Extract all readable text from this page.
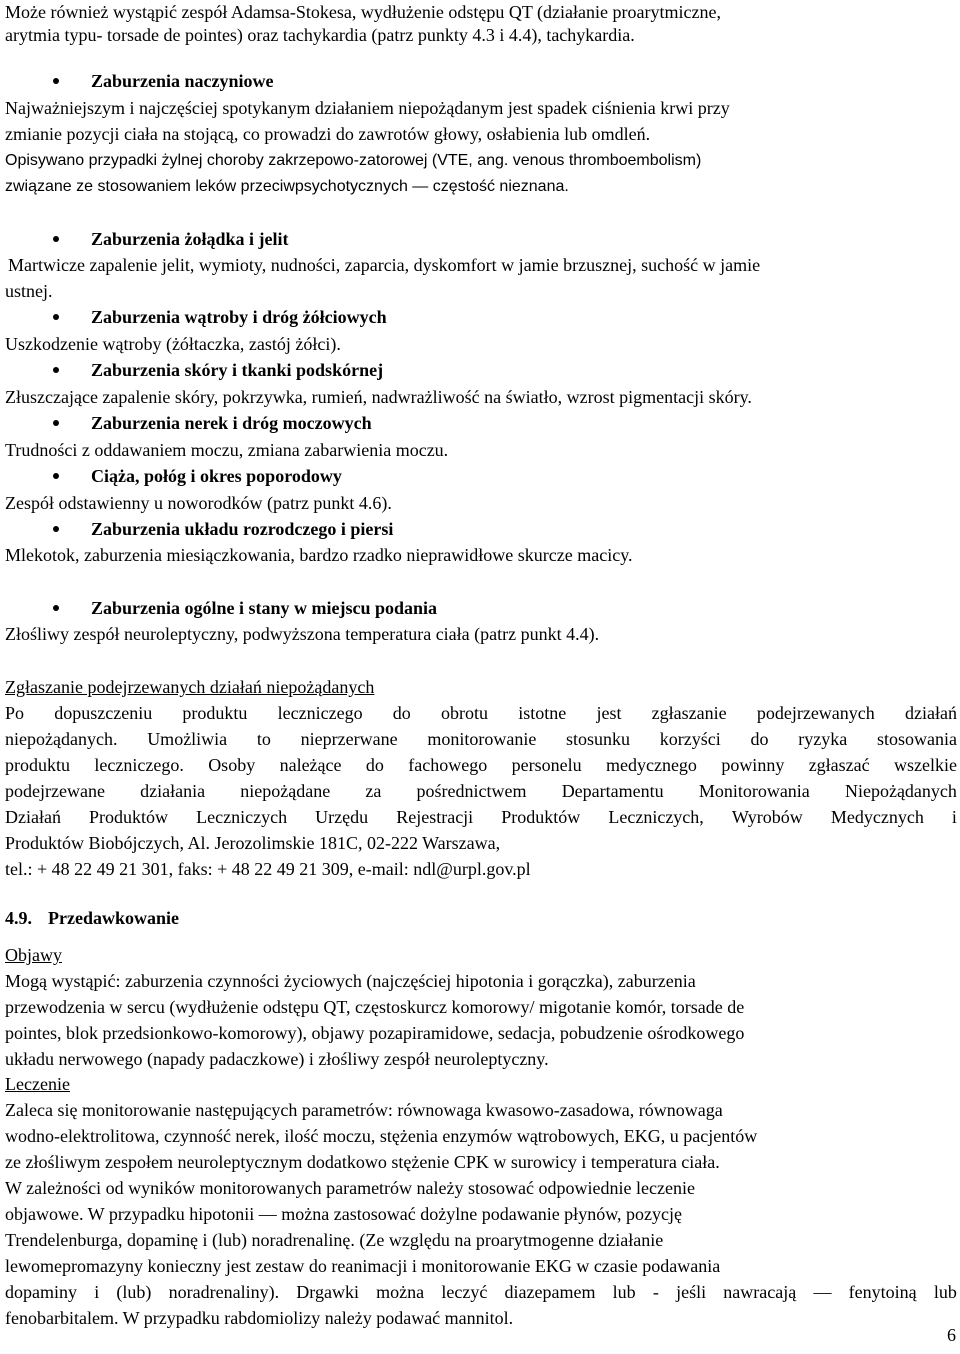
Może również wystąpić zespół Adamsa-Stokesa, wydłużenie odstępu QT (działanie proarytmiczne,
arytmia typu- torsade de pointes) oraz tachykardia (patrz punkty 4.3 i 4.4), tachykardia.
Zaburzenia naczyniowe
Najważniejszym i najczęściej spotykanym działaniem niepożądanym jest spadek ciśnienia krwi przy
zmianie pozycji ciała na stojącą, co prowadzi do zawrotów głowy, osłabienia lub omdleń.
Opisywano przypadki żylnej choroby zakrzepowo-zatorowej (VTE, ang. venous thromboembolism)
związane ze stosowaniem leków przeciwpsychotycznych — częstość nieznana.
Zaburzenia żołądka i jelit
Martwicze zapalenie jelit, wymioty, nudności, zaparcia, dyskomfort w jamie brzusznej, suchość w jamie
ustnej.
Zaburzenia wątroby i dróg żółciowych
Uszkodzenie wątroby (żółtaczka, zastój żółci).
Zaburzenia skóry i tkanki podskórnej
Złuszczające zapalenie skóry, pokrzywka, rumień, nadwrażliwość na światło, wzrost pigmentacji skóry.
Zaburzenia nerek i dróg moczowych
Trudności z oddawaniem moczu, zmiana zabarwienia moczu.
Ciąża, połóg i okres poporodowy
Zespół odstawienny u noworodków (patrz punkt 4.6).
Zaburzenia układu rozrodczego i piersi
Mlekotok, zaburzenia miesiączkowania, bardzo rzadko nieprawidłowe skurcze macicy.
Zaburzenia ogólne i stany w miejscu podania
Złośliwy zespół neuroleptyczny, podwyższona temperatura ciała (patrz punkt 4.4).
Zgłaszanie podejrzewanych działań niepożądanych
Po dopuszczeniu produktu leczniczego do obrotu istotne jest zgłaszanie podejrzewanych działań
niepożądanych. Umożliwia to nieprzerwane monitorowanie stosunku korzyści do ryzyka stosowania
produktu leczniczego. Osoby należące do fachowego personelu medycznego powinny zgłaszać wszelkie
podejrzewane działania niepożądane za pośrednictwem Departamentu Monitorowania Niepożądanych
Działań Produktów Leczniczych Urzędu Rejestracji Produktów Leczniczych, Wyrobów Medycznych i
Produktów Biobójczych, Al. Jerozolimskie 181C, 02-222 Warszawa,
tel.: + 48 22 49 21 301, faks: + 48 22 49 21 309, e-mail: ndl@urpl.gov.pl
4.9. Przedawkowanie
Objawy
Mogą wystąpić: zaburzenia czynności życiowych (najczęściej hipotonia i gorączka), zaburzenia
przewodzenia w sercu (wydłużenie odstępu QT, częstoskurcz komorowy/ migotanie komór, torsade de
pointes, blok przedsionkowo-komorowy), objawy pozapiramidowe, sedacja, pobudzenie ośrodkowego
układu nerwowego (napady padaczkowe) i złośliwy zespół neuroleptyczny.
Leczenie
Zaleca się monitorowanie następujących parametrów: równowaga kwasowo-zasadowa, równowaga
wodno-elektrolitowa, czynność nerek, ilość moczu, stężenia enzymów wątrobowych, EKG, u pacjentów
ze złośliwym zespołem neuroleptycznym dodatkowo stężenie CPK w surowicy i temperatura ciała.
W zależności od wyników monitorowanych parametrów należy stosować odpowiednie leczenie
objawowe. W przypadku hipotonii — można zastosować dożylne podawanie płynów, pozycję
Trendelenburga, dopaminę i (lub) noradrenalinę. (Ze względu na proarytmogenne działanie
lewomepromazyny konieczny jest zestaw do reanimacji i monitorowanie EKG w czasie podawania
dopaminy i (lub) noradrenaliny). Drgawki można leczyć diazepamem lub - jeśli nawracają — fenytoiną lub
fenobarbitalem. W przypadku rabdomiolizy należy podawać mannitol.
6
